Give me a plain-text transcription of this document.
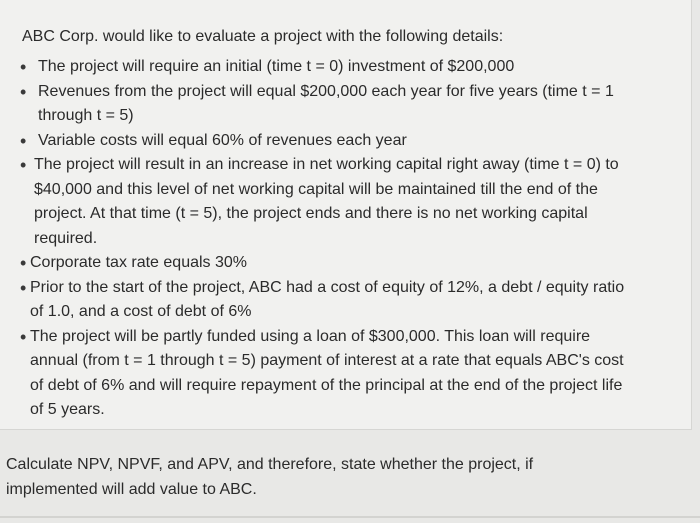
ABC Corp. would like to evaluate a project with the following details:
• The project will require an initial (time t = 0) investment of $200,000
• Revenues from the project will equal $200,000 each year for five years (time t = 1
through t = 5)
• Variable costs will equal 60% of revenues each year
• The project will result in an increase in net working capital right away (time t = 0) to
$40,000 and this level of net working capital will be maintained till the end of the
project. At that time (t = 5), the project ends and there is no net working capital
required.
• Corporate tax rate equals 30%
• Prior to the start of the project, ABC had a cost of equity of 12%, a debt / equity ratio
of 1.0, and a cost of debt of 6%
• The project will be partly funded using a loan of $300,000. This loan will require
annual (from t = 1 through t = 5) payment of interest at a rate that equals ABC's cost
of debt of 6% and will require repayment of the principal at the end of the project life
of 5 years.
Calculate NPV, NPVF, and APV, and therefore, state whether the project, if
implemented will add value to ABC.
